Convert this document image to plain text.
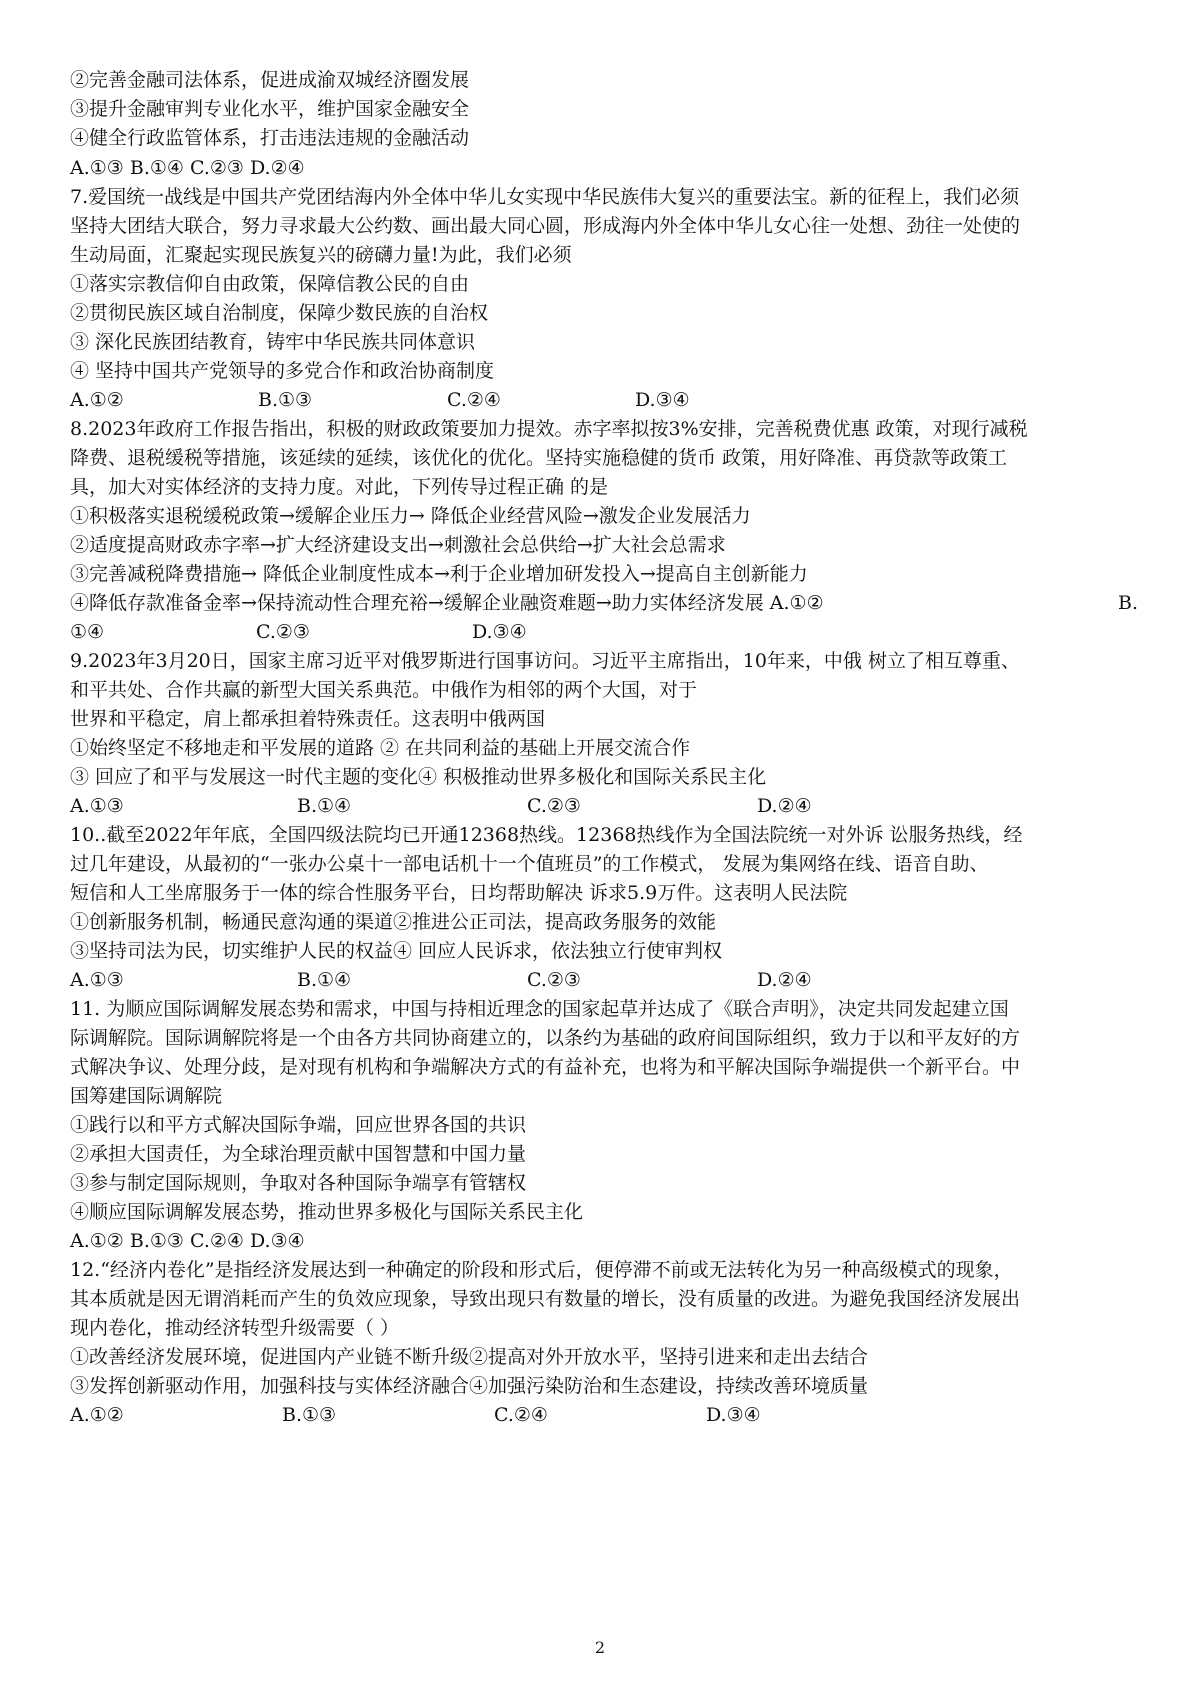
②完善金融司法体系，促进成渝双城经济圈发展
③提升金融审判专业化水平，维护国家金融安全
④健全行政监管体系，打击违法违规的金融活动
A.①③ B.①④ C.②③ D.②④
7.爱国统一战线是中国共产党团结海内外全体中华儿女实现中华民族伟大复兴的重要法宝。新的征程上，我们必须
坚持大团结大联合，努力寻求最大公约数、画出最大同心圆，形成海内外全体中华儿女心往一处想、劲往一处使的
生动局面，汇聚起实现民族复兴的磅礴力量!为此，我们必须
①落实宗教信仰自由政策，保障信教公民的自由
②贯彻民族区域自治制度，保障少数民族的自治权
③ 深化民族团结教育，铸牢中华民族共同体意识
④ 坚持中国共产党领导的多党合作和政治协商制度
A.①②	B.①③	C.②④	D.③④
8.2023年政府工作报告指出，积极的财政政策要加力提效。赤字率拟按3%安排，完善税费优惠 政策，对现行减税
降费、退税缓税等措施，该延续的延续，该优化的优化。坚持实施稳健的货币 政策，用好降准、再贷款等政策工
具，加大对实体经济的支持力度。对此，下列传导过程正确 的是
①积极落实退税缓税政策→缓解企业压力→ 降低企业经营风险→激发企业发展活力
②适度提高财政赤字率→扩大经济建设支出→刺激社会总供给→扩大社会总需求
③完善减税降费措施→ 降低企业制度性成本→利于企业增加研发投入→提高自主创新能力
④降低存款准备金率→保持流动性合理充裕→缓解企业融资难题→助力实体经济发展 A.①②	B.
①④	C.②③	D.③④
9.2023年3月20日，国家主席习近平对俄罗斯进行国事访问。习近平主席指出，10年来，中俄 树立了相互尊重、
和平共处、合作共赢的新型大国关系典范。中俄作为相邻的两个大国，对于
世界和平稳定，肩上都承担着特殊责任。这表明中俄两国
①始终坚定不移地走和平发展的道路 ② 在共同利益的基础上开展交流合作
③ 回应了和平与发展这一时代主题的变化④ 积极推动世界多极化和国际关系民主化
A.①③	B.①④	C.②③	D.②④
10..截至2022年年底，全国四级法院均已开通12368热线。12368热线作为全国法院统一对外诉 讼服务热线，经
过几年建设，从最初的“一张办公桌十一部电话机十一个值班员”的工作模式， 发展为集网络在线、语音自助、
短信和人工坐席服务于一体的综合性服务平台，日均帮助解决 诉求5.9万件。这表明人民法院
①创新服务机制，畅通民意沟通的渠道②推进公正司法，提高政务服务的效能
③坚持司法为民，切实维护人民的权益④ 回应人民诉求，依法独立行使审判权
A.①③	B.①④	C.②③	D.②④
11. 为顺应国际调解发展态势和需求，中国与持相近理念的国家起草并达成了《联合声明》，决定共同发起建立国
际调解院。国际调解院将是一个由各方共同协商建立的，以条约为基础的政府间国际组织，致力于以和平友好的方
式解决争议、处理分歧，是对现有机构和争端解决方式的有益补充，也将为和平解决国际争端提供一个新平台。中
国筹建国际调解院
①践行以和平方式解决国际争端，回应世界各国的共识
②承担大国责任，为全球治理贡献中国智慧和中国力量
③参与制定国际规则，争取对各种国际争端享有管辖权
④顺应国际调解发展态势，推动世界多极化与国际关系民主化
A.①② B.①③ C.②④ D.③④
12.“经济内卷化”是指经济发展达到一种确定的阶段和形式后，便停滞不前或无法转化为另一种高级模式的现象，
其本质就是因无谓消耗而产生的负效应现象，导致出现只有数量的增长，没有质量的改进。为避免我国经济发展出
现内卷化，推动经济转型升级需要（ ）
①改善经济发展环境，促进国内产业链不断升级②提高对外开放水平，坚持引进来和走出去结合
③发挥创新驱动作用，加强科技与实体经济融合④加强污染防治和生态建设，持续改善环境质量
A.①②	B.①③	C.②④	D.③④
2
